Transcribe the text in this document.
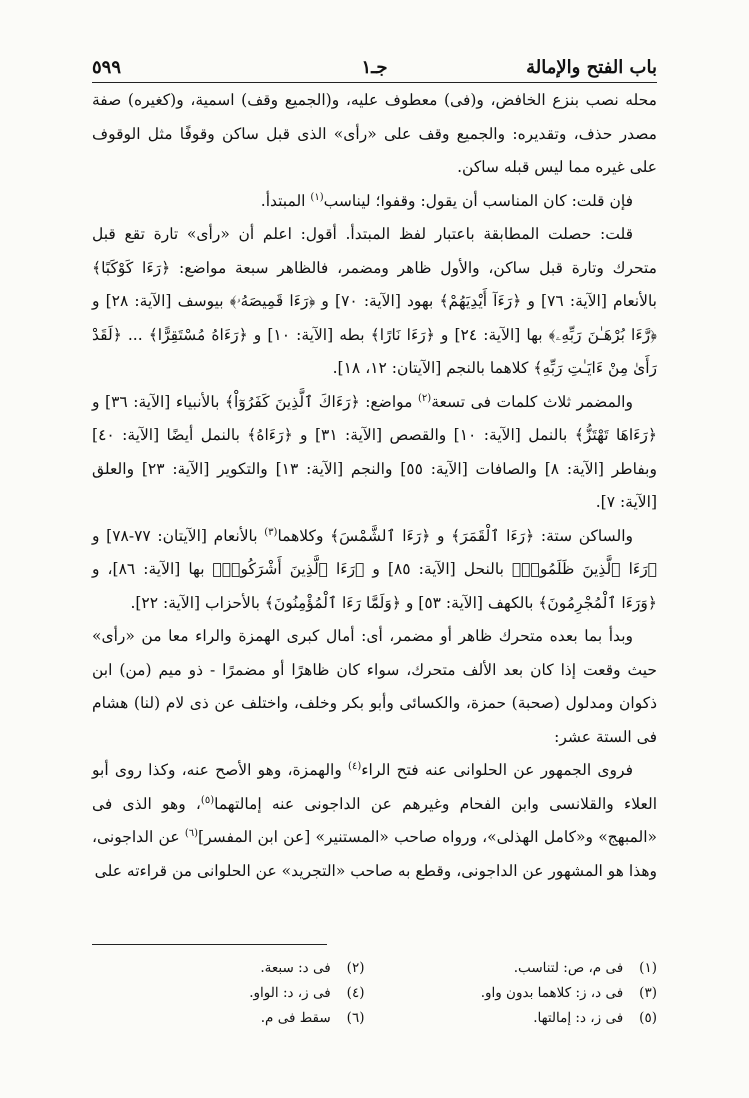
باب الفتح والإمالة
جـ۱
٥٩٩

محله نصب بنزع الخافض، و(فى) معطوف عليه، و(الجميع وقف) اسمية، و(كغيره) صفة مصدر حذف، وتقديره: والجميع وقف على «رأى» الذى قبل ساكن وقوفًا مثل الوقوف على غيره مما ليس قبله ساكن.

فإن قلت: كان المناسب أن يقول: وقفوا؛ ليناسب$^{(١)}$ المبتدأ.

قلت: حصلت المطابقة باعتبار لفظ المبتدأ. أقول: اعلم أن «رأى» تارة تقع قبل متحرك وتارة قبل ساكن، والأول ظاهر ومضمر، فالظاهر سبعة مواضع: ﴿رَءَا كَوْكَبًا﴾ بالأنعام [الآية: ٧٦] و ﴿رَءَآ أَيْدِيَهُمْ﴾ بهود [الآية: ٧٠] و ﴿رَءَا قَمِيصَهُۥ﴾ بيوسف [الآية: ٢٨] و ﴿رَّءَا بُرْهَـٰنَ رَبِّهِۦ﴾ بها [الآية: ٢٤] و ﴿رَءَا نَارًا﴾ بطه [الآية: ١٠] و ﴿رَءَاهُ مُسْتَقِرًّا﴾ ... ﴿لَقَدْ رَأَىٰ مِنْ ءَايَـٰتِ رَبِّهِ﴾ كلاهما بالنجم [الآيتان: ١٢، ١٨].

والمضمر ثلاث كلمات فى تسعة$^{(٢)}$ مواضع: ﴿رَءَاكَ ٱلَّذِينَ كَفَرُوٓاْ﴾ بالأنبياء [الآية: ٣٦] و ﴿رَءَاهَا تَهْتَزُّ﴾ بالنمل [الآية: ١٠] والقصص [الآية: ٣١] و ﴿رَءَاهُ﴾ بالنمل أيضًا [الآية: ٤٠] وبفاطر [الآية: ٨] والصافات [الآية: ٥٥] والنجم [الآية: ١٣] والتكوير [الآية: ٢٣] والعلق [الآية: ٧].

والساكن ستة: ﴿رَءَا ٱلْقَمَرَ﴾ و ﴿رَءَا ٱلشَّمْسَ﴾ وكلاهما$^{(٣)}$ بالأنعام [الآيتان: ٧٧-٧٨] و ﴿رَءَا ٱلَّذِينَ ظَلَمُوا۟﴾ بالنحل [الآية: ٨٥] و ﴿رَءَا ٱلَّذِينَ أَشْرَكُوا۟﴾ بها [الآية: ٨٦]، و ﴿وَرَءَا ٱلْمُجْرِمُونَ﴾ بالكهف [الآية: ٥٣] و ﴿وَلَمَّا رَءَا ٱلْمُؤْمِنُونَ﴾ بالأحزاب [الآية: ٢٢].

وبدأ بما بعده متحرك ظاهر أو مضمر، أى: أمال كبرى الهمزة والراء معا من «رأى» حيث وقعت إذا كان بعد الألف متحرك، سواء كان ظاهرًا أو مضمرًا - ذو ميم (من) ابن ذكوان ومدلول (صحبة) حمزة، والكسائى وأبو بكر وخلف، واختلف عن ذى لام (لنا) هشام فى الستة عشر:

فروى الجمهور عن الحلوانى عنه فتح الراء$^{(٤)}$ والهمزة، وهو الأصح عنه، وكذا روى أبو العلاء والقلانسى وابن الفحام وغيرهم عن الداجونى عنه إمالتهما$^{(٥)}$، وهو الذى فى «المبهج» و«كامل الهذلى»، ورواه صاحب «المستنير» [عن ابن المفسر]$^{(٦)}$ عن الداجونى، وهذا هو المشهور عن الداجونى، وقطع به صاحب «التجريد» عن الحلوانى من قراءته على

(١)فى م، ص: لتناسب.
(٢)فى د: سبعة.
(٣)فى د، ز: كلاهما بدون واو.
(٤)فى ز، د: الواو.
(٥)فى ز، د: إمالتها.
(٦)سقط فى م.
